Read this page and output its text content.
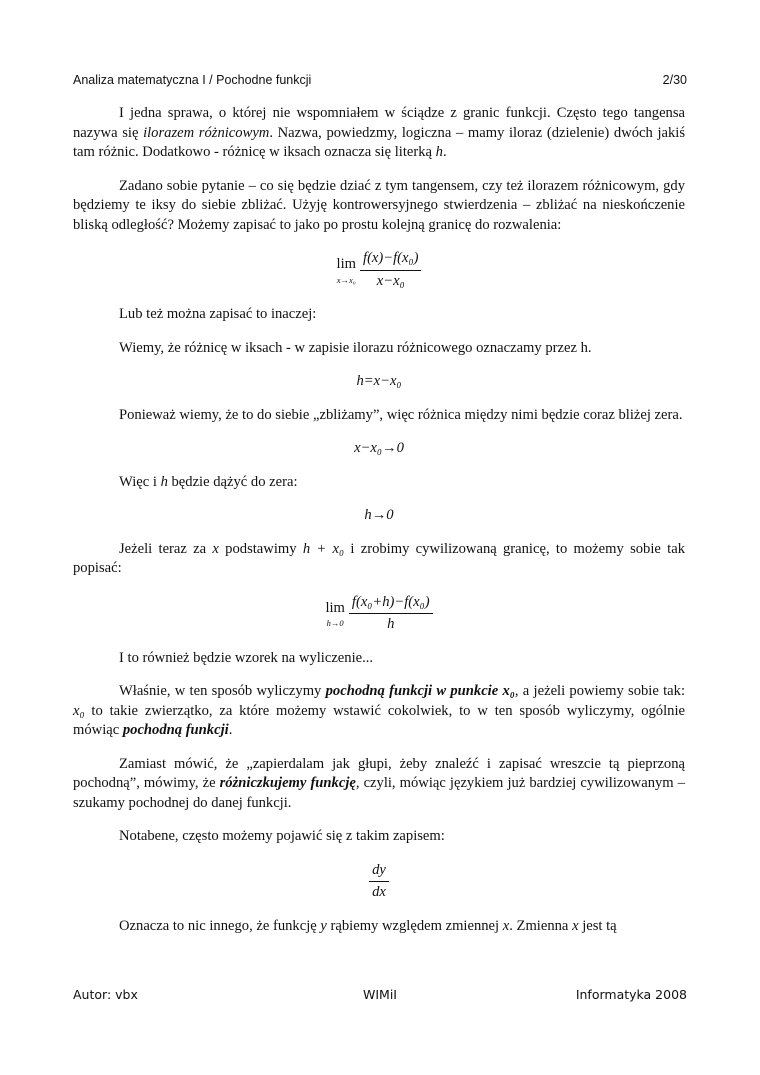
Analiza matematyczna I / Pochodne funkcji	2/30

I jedna sprawa, o której nie wspomniałem w ściądze z granic funkcji. Często tego tangensa nazywa się ilorazem różnicowym. Nazwa, powiedzmy, logiczna – mamy iloraz (dzielenie) dwóch jakiś tam różnic. Dodatkowo - różnicę w iksach oznacza się literką h.

Zadano sobie pytanie – co się będzie dziać z tym tangensem, czy też ilorazem różnicowym, gdy będziemy te iksy do siebie zbliżać. Użyję kontrowersyjnego stwierdzenia – zbliżać na nieskończenie bliską odległość? Możemy zapisać to jako po prostu kolejną granicę do rozwalenia:

lim
$x\to x_0 \frac{\text{f(x)−f(x₀)}}{\text{x−x₀}}$

Lub też można zapisać to inaczej:

Wiemy, że różnicę w iksach - w zapisie ilorazu różnicowego oznaczamy przez h.

h=x−x₀

Ponieważ wiemy, że to do siebie „zbliżamy”, więc różnica między nimi będzie coraz bliżej zera.

x−x₀→0

Więc i h będzie dążyć do zera:

h→0

Jeżeli teraz za x podstawimy h + x₀ i zrobimy cywilizowaną granicę, to możemy sobie tak popisać:

lim
$h\to 0 \frac{\text{f(x₀+h)−f(x₀)}}{h}$

I to również będzie wzorek na wyliczenie...

Właśnie, w ten sposób wyliczymy pochodną funkcji w punkcie x₀, a jeżeli powiemy sobie tak: x₀ to takie zwierzątko, za które możemy wstawić cokolwiek, to w ten sposób wyliczymy, ogólnie mówiąc pochodną funkcji.

Zamiast mówić, że „zapierdalam jak głupi, żeby znaleźć i zapisać wreszcie tą pieprzoną pochodną”, mówimy, że różniczkujemy funkcję, czyli, mówiąc językiem już bardziej cywilizowanym – szukamy pochodnej do danej funkcji.

Notabene, często możemy pojawić się z takim zapisem:

$\frac{dy}{dx}$

Oznacza to nic innego, że funkcję y rąbiemy względem zmiennej x. Zmienna x jest tą

Autor: vbx	WIMiI	Informatyka 2008
